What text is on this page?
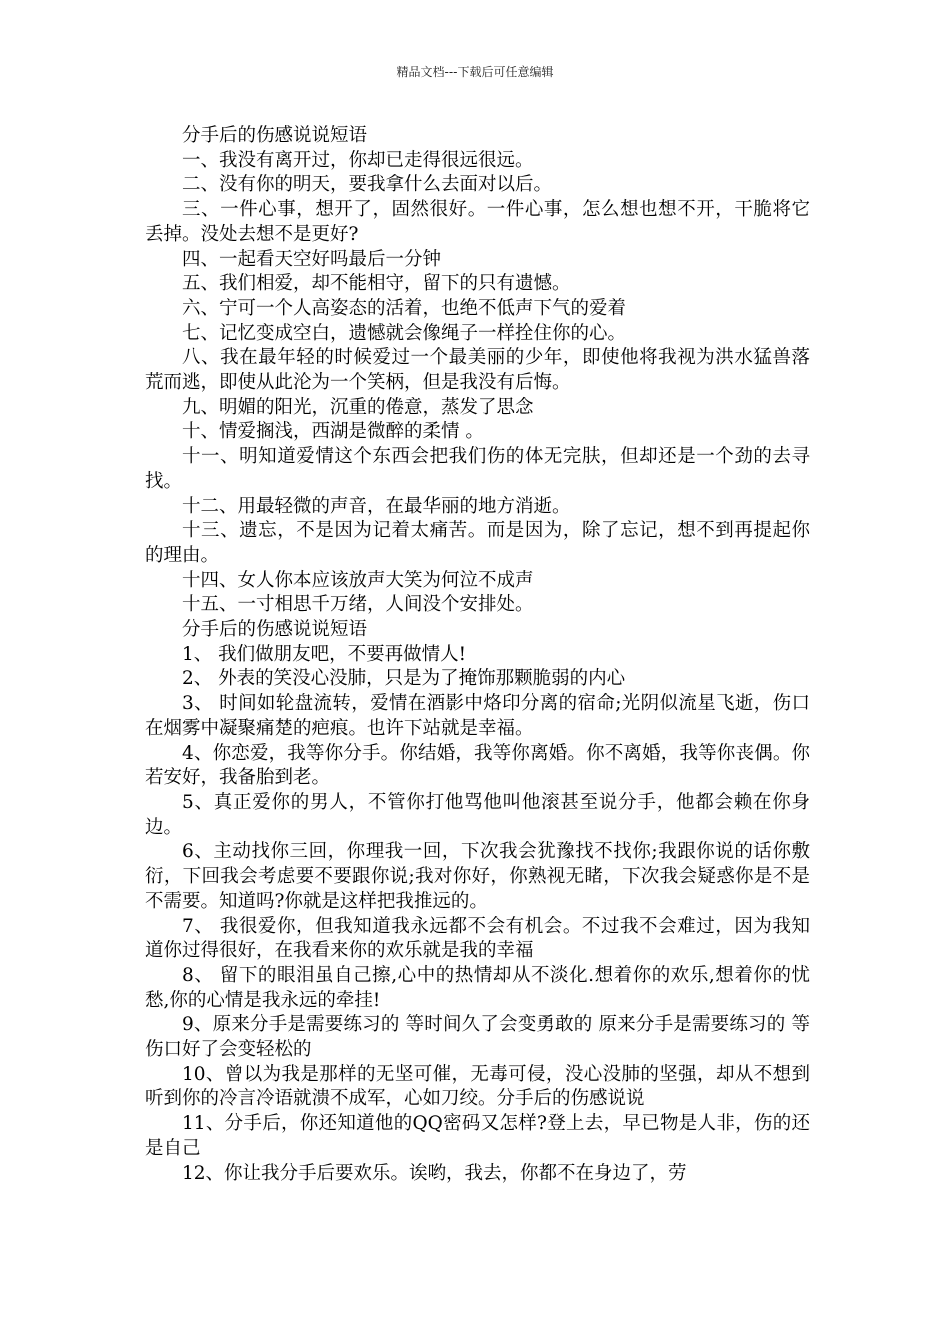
精品文档---下载后可任意编辑

分手后的伤感说说短语

一、我没有离开过，你却已走得很远很远。

二、没有你的明天，要我拿什么去面对以后。

三、一件心事，想开了，固然很好。一件心事，怎么想也想不开，干脆将它丢掉。没处去想不是更好?

四、一起看天空好吗最后一分钟

五、我们相爱，却不能相守，留下的只有遗憾。

六、宁可一个人高姿态的活着，也绝不低声下气的爱着

七、记忆变成空白，遗憾就会像绳子一样拴住你的心。

八、我在最年轻的时候爱过一个最美丽的少年，即使他将我视为洪水猛兽落荒而逃，即使从此沦为一个笑柄，但是我没有后悔。

九、明媚的阳光，沉重的倦意，蒸发了思念

十、情爱搁浅，西湖是微醉的柔情 。

十一、明知道爱情这个东西会把我们伤的体无完肤，但却还是一个劲的去寻找。

十二、用最轻微的声音，在最华丽的地方消逝。

十三、遗忘，不是因为记着太痛苦。而是因为，除了忘记，想不到再提起你的理由。

十四、女人你本应该放声大笑为何泣不成声

十五、一寸相思千万绪，人间没个安排处。

分手后的伤感说说短语

1、 我们做朋友吧，不要再做情人!

2、 外表的笑没心没肺，只是为了掩饰那颗脆弱的内心

3、 时间如轮盘流转，爱情在酒影中烙印分离的宿命;光阴似流星飞逝，伤口在烟雾中凝聚痛楚的疤痕。也许下站就是幸福。

4、你恋爱，我等你分手。你结婚，我等你离婚。你不离婚，我等你丧偶。你若安好，我备胎到老。

5、真正爱你的男人，不管你打他骂他叫他滚甚至说分手，他都会赖在你身边。

6、主动找你三回，你理我一回，下次我会犹豫找不找你;我跟你说的话你敷衍，下回我会考虑要不要跟你说;我对你好，你熟视无睹，下次我会疑惑你是不是不需要。知道吗?你就是这样把我推远的。

7、 我很爱你，但我知道我永远都不会有机会。不过我不会难过，因为我知道你过得很好，在我看来你的欢乐就是我的幸福

8、 留下的眼泪虽自己擦,心中的热情却从不淡化.想着你的欢乐,想着你的忧愁,你的心情是我永远的牵挂!

9、原来分手是需要练习的 等时间久了会变勇敢的 原来分手是需要练习的 等伤口好了会变轻松的

10、曾以为我是那样的无坚可催，无毒可侵，没心没肺的坚强，却从不想到听到你的冷言冷语就溃不成军，心如刀绞。分手后的伤感说说

11、分手后，你还知道他的QQ密码又怎样?登上去，早已物是人非，伤的还是自己

12、你让我分手后要欢乐。诶哟，我去，你都不在身边了，劳
